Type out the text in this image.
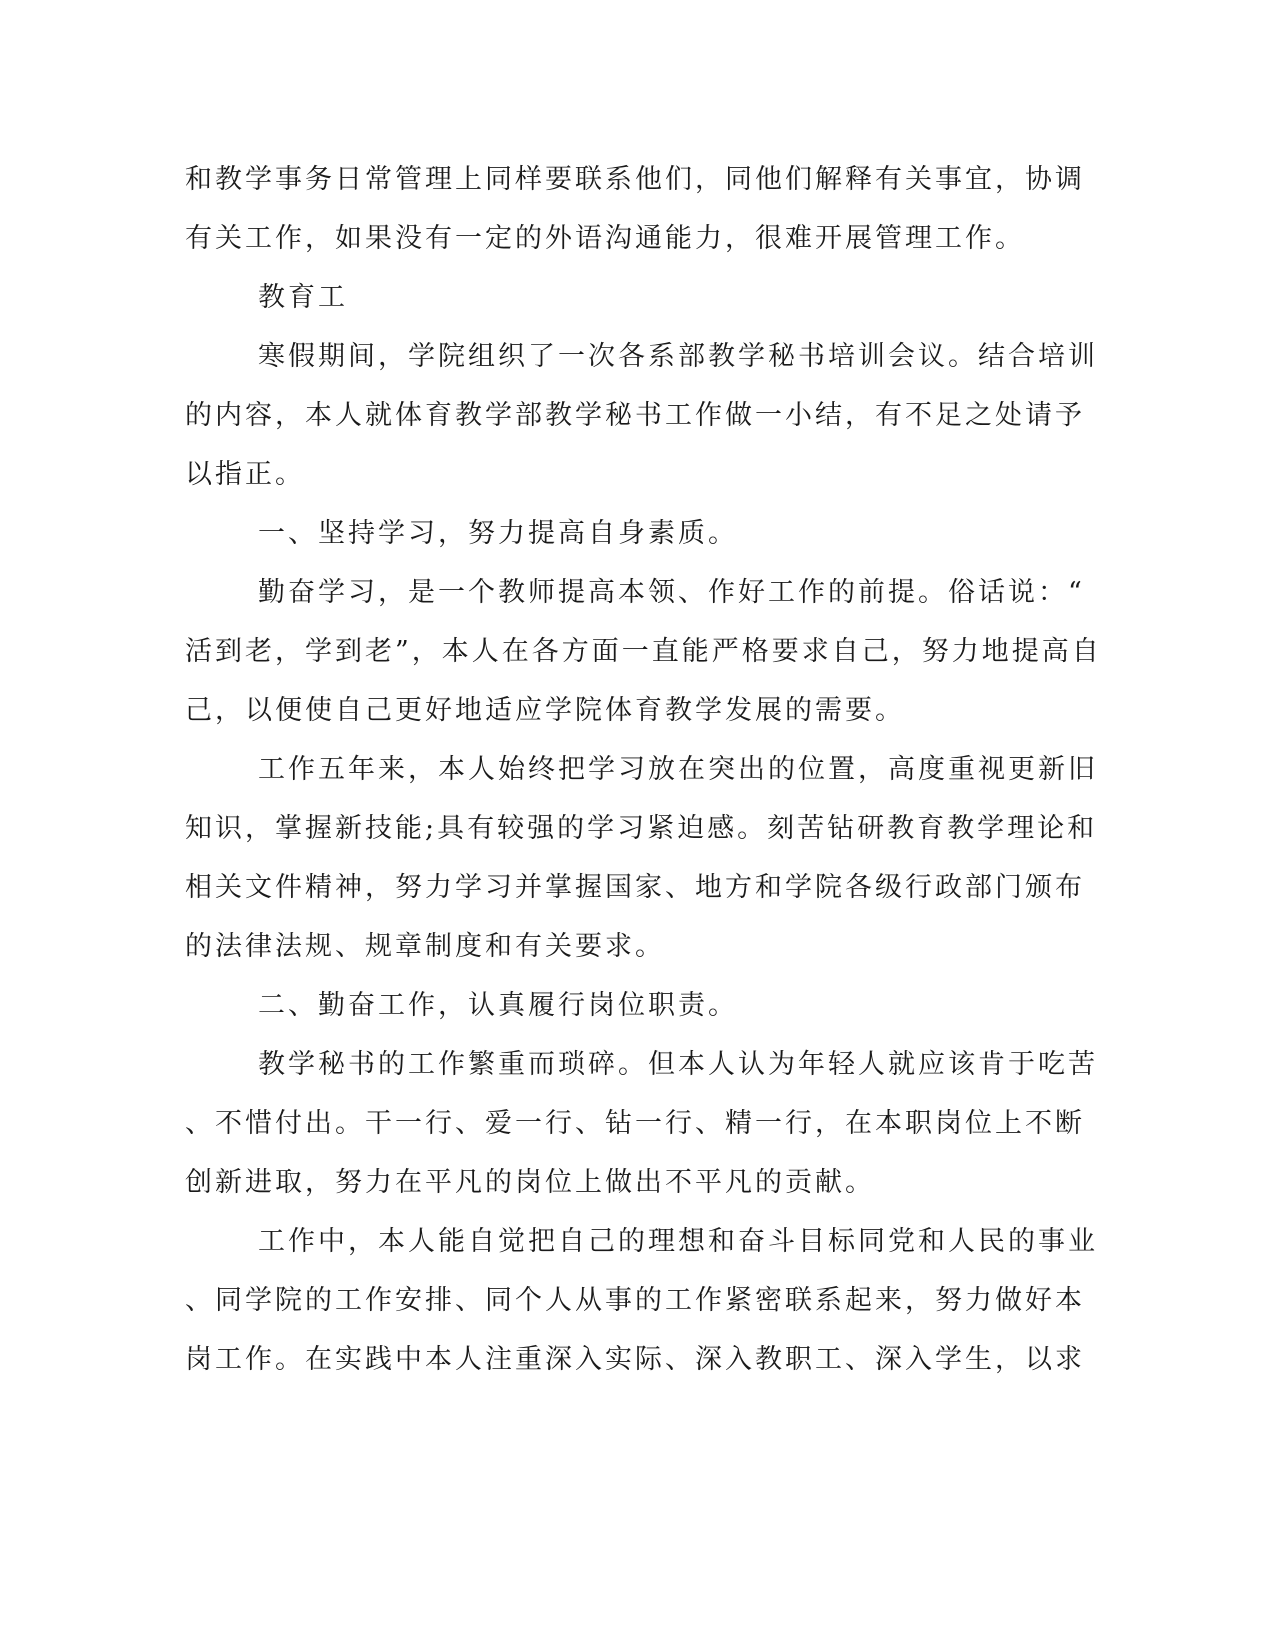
和教学事务日常管理上同样要联系他们，同他们解释有关事宜，协调
有关工作，如果没有一定的外语沟通能力，很难开展管理工作。
教育工
寒假期间，学院组织了一次各系部教学秘书培训会议。结合培训
的内容，本人就体育教学部教学秘书工作做一小结，有不足之处请予
以指正。
一、坚持学习，努力提高自身素质。
勤奋学习，是一个教师提高本领、作好工作的前提。俗话说：“
活到老，学到老”，本人在各方面一直能严格要求自己，努力地提高自
己，以便使自己更好地适应学院体育教学发展的需要。
工作五年来，本人始终把学习放在突出的位置，高度重视更新旧
知识，掌握新技能;具有较强的学习紧迫感。刻苦钻研教育教学理论和
相关文件精神，努力学习并掌握国家、地方和学院各级行政部门颁布
的法律法规、规章制度和有关要求。
二、勤奋工作，认真履行岗位职责。
教学秘书的工作繁重而琐碎。但本人认为年轻人就应该肯于吃苦
、不惜付出。干一行、爱一行、钻一行、精一行，在本职岗位上不断
创新进取，努力在平凡的岗位上做出不平凡的贡献。
工作中，本人能自觉把自己的理想和奋斗目标同党和人民的事业
、同学院的工作安排、同个人从事的工作紧密联系起来，努力做好本
岗工作。在实践中本人注重深入实际、深入教职工、深入学生，以求
